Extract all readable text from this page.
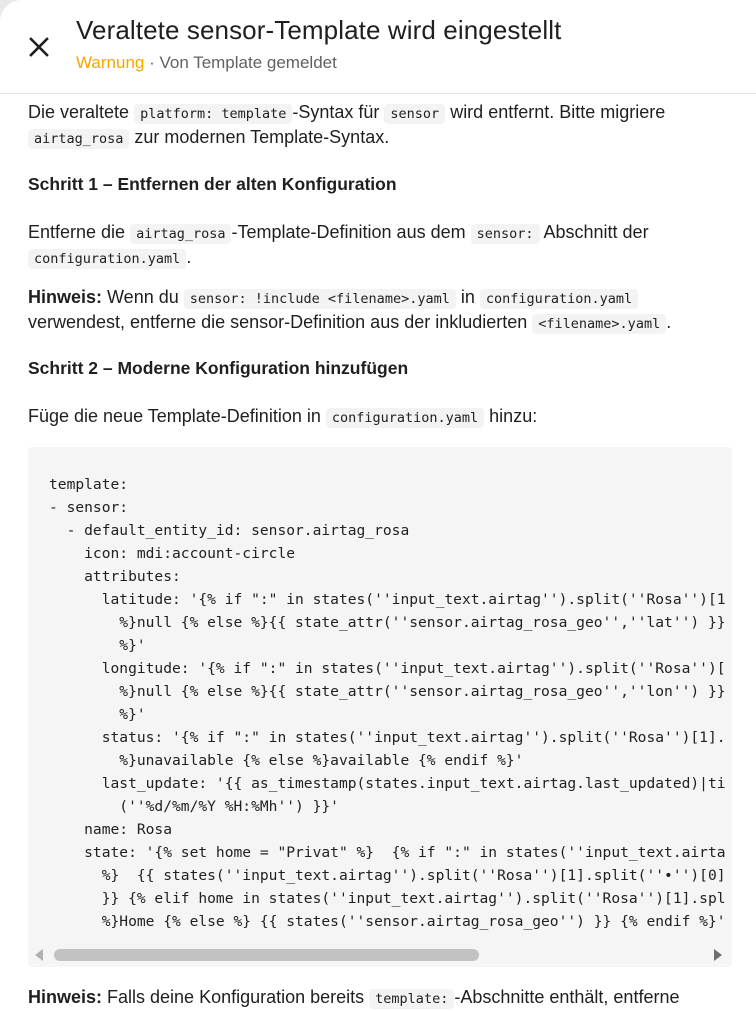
Veraltete sensor-Template wird eingestellt
Warnung · Von Template gemeldet

Die veraltete platform: template -Syntax für sensor wird entfernt. Bitte migriere
airtag_rosa zur modernen Template-Syntax.

Schritt 1 – Entfernen der alten Konfiguration

Entferne die airtag_rosa -Template-Definition aus dem sensor: Abschnitt der
configuration.yaml .

Hinweis: Wenn du sensor: !include <filename>.yaml in configuration.yaml
verwendest, entferne die sensor-Definition aus der inkludierten <filename>.yaml .

Schritt 2 – Moderne Konfiguration hinzufügen

Füge die neue Template-Definition in configuration.yaml hinzu:

Hinweis: Falls deine Konfiguration bereits template: -Abschnitte enthält, entferne

template:
- sensor:
- default_entity_id: sensor.airtag_rosa
icon: mdi:account-circle
attributes:
latitude: '{% if ":" in states(''input_text.airtag'').split(''Rosa'')[1
%}null {% else %}{{ state_attr(''sensor.airtag_rosa_geo'',''lat'') }}
%}'
longitude: '{% if ":" in states(''input_text.airtag'').split(''Rosa'')[
%}null {% else %}{{ state_attr(''sensor.airtag_rosa_geo'',''lon'') }}
%}'
status: '{% if ":" in states(''input_text.airtag'').split(''Rosa'')[1].
%}unavailable {% else %}available {% endif %}'
last_update: '{{ as_timestamp(states.input_text.airtag.last_updated)|ti
(''%d/%m/%Y %H:%Mh'') }}'
name: Rosa
state: '{% set home = "Privat" %}  {% if ":" in states(''input_text.airta
%}  {{ states(''input_text.airtag'').split(''Rosa'')[1].split(''•'')[0]
}} {% elif home in states(''input_text.airtag'').split(''Rosa'')[1].spl
%}Home {% else %} {{ states(''sensor.airtag_rosa_geo'') }} {% endif %}'
